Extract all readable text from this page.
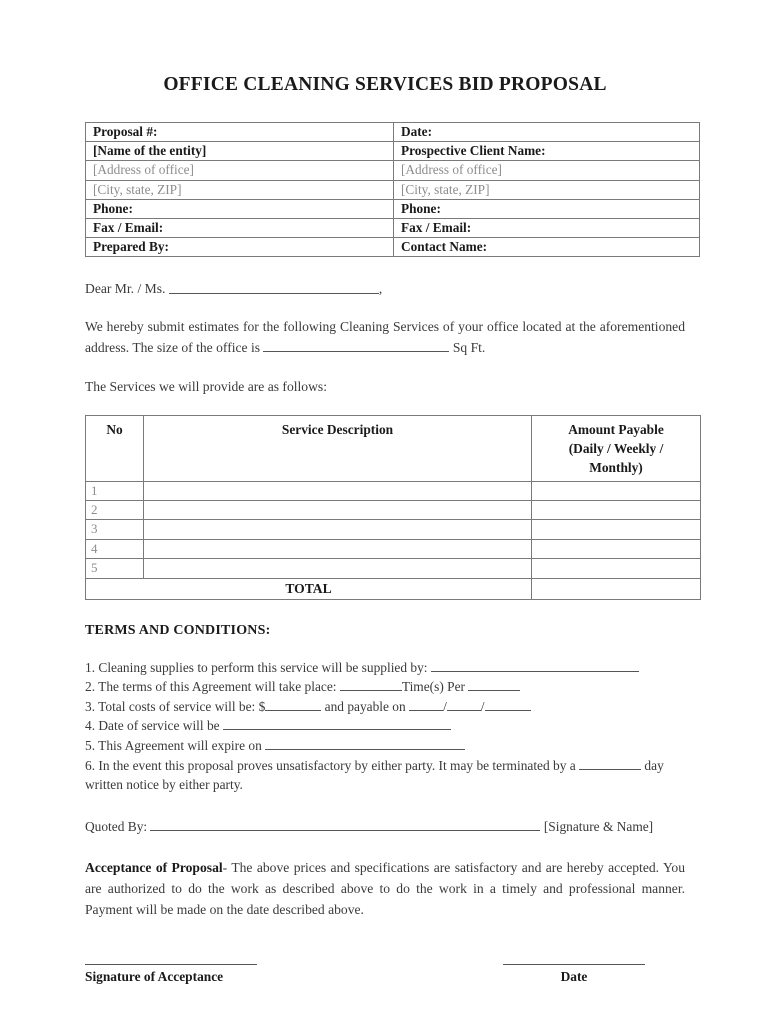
OFFICE CLEANING SERVICES BID PROPOSAL
Proposal #:	Date:
[Name of the entity]	Prospective Client Name:
[Address of office]	[Address of office]
[City, state, ZIP]	[City, state, ZIP]
Phone:	Phone:
Fax / Email:	Fax / Email:
Prepared By:	Contact Name:

Dear Mr. / Ms.	,

We hereby submit estimates for the following Cleaning Services of your office located at the aforementioned address. The size of the office is	Sq Ft.

The Services we will provide are as follows:

No	Service Description	Amount Payable
(Daily / Weekly /
Monthly)

1		
2		
3		
4		
5		
TOTAL		
TERMS AND CONDITIONS:
1. Cleaning supplies to perform this service will be supplied by:
2. The terms of this Agreement will take place:	Time(s) Per
3. Total costs of service will be: $	and payable on	/	/
4. Date of service will be
5. This Agreement will expire on
6. In the event this proposal proves unsatisfactory by either party. It may be terminated by a	day written notice by either party.

Quoted By:	[Signature & Name]

Acceptance of Proposal- The above prices and specifications are satisfactory and are hereby accepted. You are authorized to do the work as described above to do the work in a timely and professional manner. Payment will be made on the date described above.

Signature of Acceptance	Date
